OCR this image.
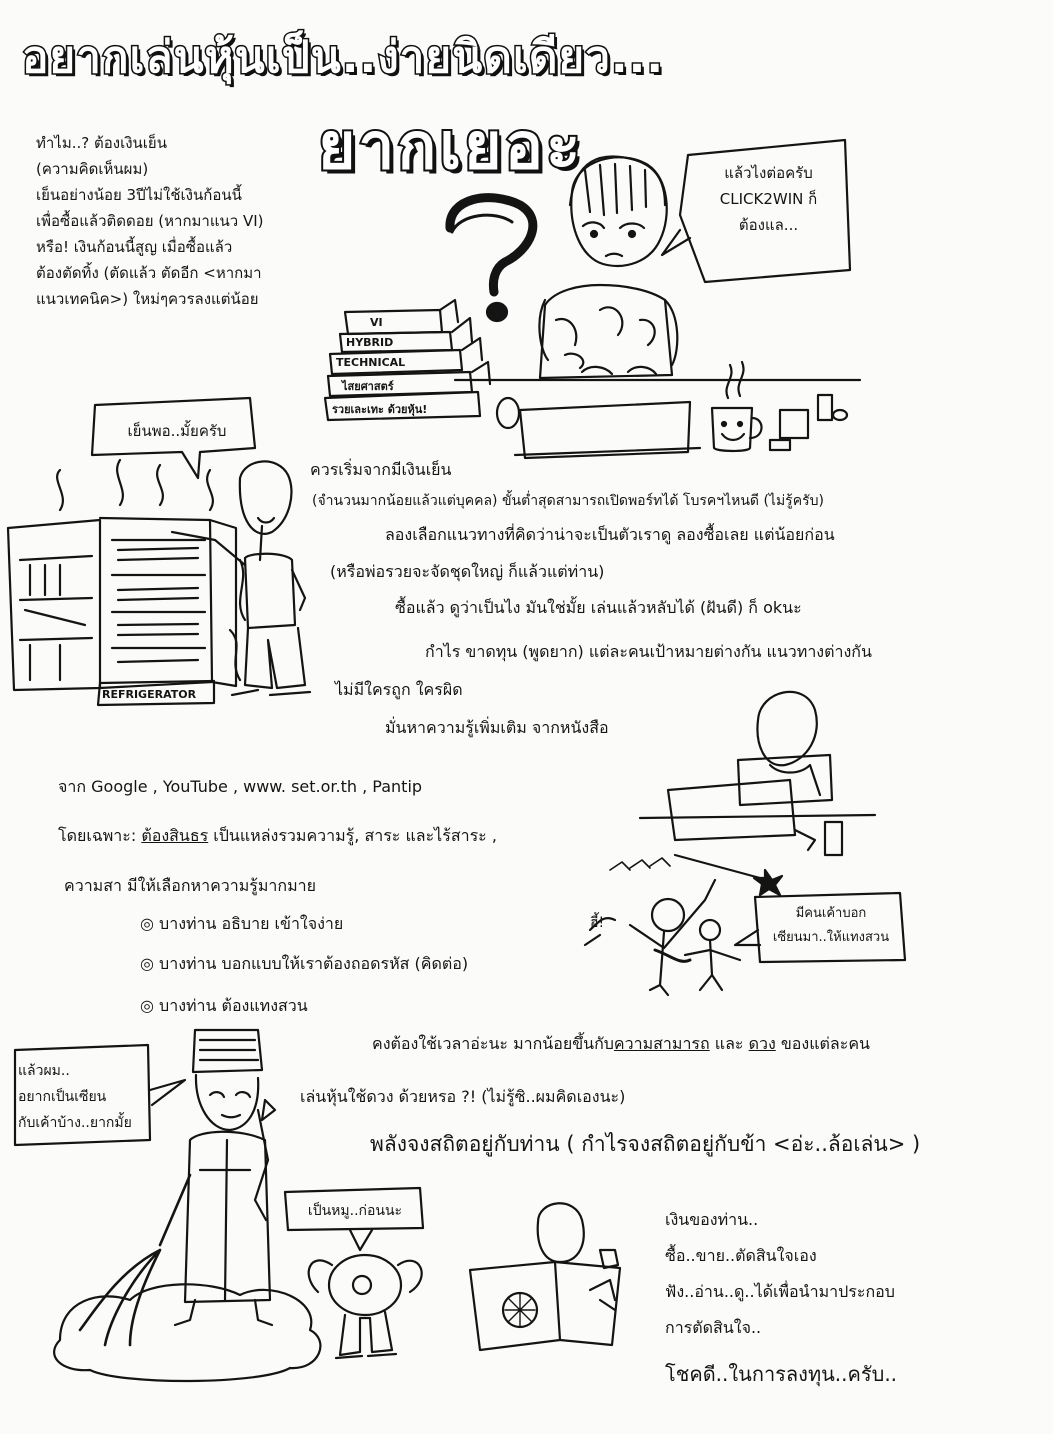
อยากเล่นหุ้นเป็น..ง่ายนิดเดียว...
ยากเยอะ
ทำไม..? ต้องเงินเย็น
(ความคิดเห็นผม)
เย็นอย่างน้อย 3ปีไม่ใช้เงินก้อนนี้
เพื่อซื้อแล้วติดดอย (หากมาแนว VI)
หรือ! เงินก้อนนี้สูญ เมื่อซื้อแล้ว
ต้องตัดทิ้ง (ตัดแล้ว ตัดอีก <หากมา
แนวเทคนิค>) ใหม่ๆควรลงแต่น้อย
แล้วไงต่อครับ
CLICK2WIN ก็
ต้องแล...
VI
HYBRID
TECHNICAL
ไสยศาสตร์
รวยเละเทะ ด้วยหุ้น!
เย็นพอ..มั้ยครับ
REFRIGERATOR
ควรเริ่มจากมีเงินเย็น
(จำนวนมากน้อยแล้วแต่บุคคล) ขั้นต่ำสุดสามารถเปิดพอร์ทได้ โบรคฯไหนดี (ไม่รู้ครับ)
ลองเลือกแนวทางที่คิดว่าน่าจะเป็นตัวเราดู ลองซื้อเลย แต่น้อยก่อน
(หรือพ่อรวยจะจัดชุดใหญ่ ก็แล้วแต่ท่าน)
ซื้อแล้ว ดูว่าเป็นไง มันใช่มั้ย เล่นแล้วหลับได้ (ฝันดี) ก็ okนะ
กำไร ขาดทุน (พูดยาก) แต่ละคนเป้าหมายต่างกัน แนวทางต่างกัน
ไม่มีใครถูก ใครผิด
มั่นหาความรู้เพิ่มเติม จากหนังสือ
จาก Google , YouTube , www. set.or.th , Pantip
โดยเฉพาะ: ต้องสินธร เป็นแหล่งรวมความรู้, สาระ และไร้สาระ ,
ความสา มีให้เลือกหาความรู้มากมาย
◎ บางท่าน อธิบาย เข้าใจง่าย
◎ บางท่าน บอกแบบให้เราต้องถอดรหัส (คิดต่อ)
◎ บางท่าน ต้องแทงสวน
มีคนเค้าบอก
เซียนมา..ให้แทงสวน
ฮี้!
คงต้องใช้เวลาอ่ะนะ มากน้อยขึ้นกับความสามารถ และ ดวง ของแต่ละคน
เล่นหุ้นใช้ดวง ด้วยหรอ ?! (ไม่รู้ซิ..ผมคิดเองนะ)
พลังจงสถิตอยู่กับท่าน ( กำไรจงสถิตอยู่กับข้า <อ่ะ..ล้อเล่น> )
แล้วผม..
อยากเป็นเซียน
กับเค้าบ้าง..ยากมั้ย
เป็นหมู..ก่อนนะ	เงินของท่าน..
ซื้อ..ขาย..ตัดสินใจเอง
ฟัง..อ่าน..ดู..ได้เพื่อนำมาประกอบ
การตัดสินใจ..
โชคดี..ในการลงทุน..ครับ..
